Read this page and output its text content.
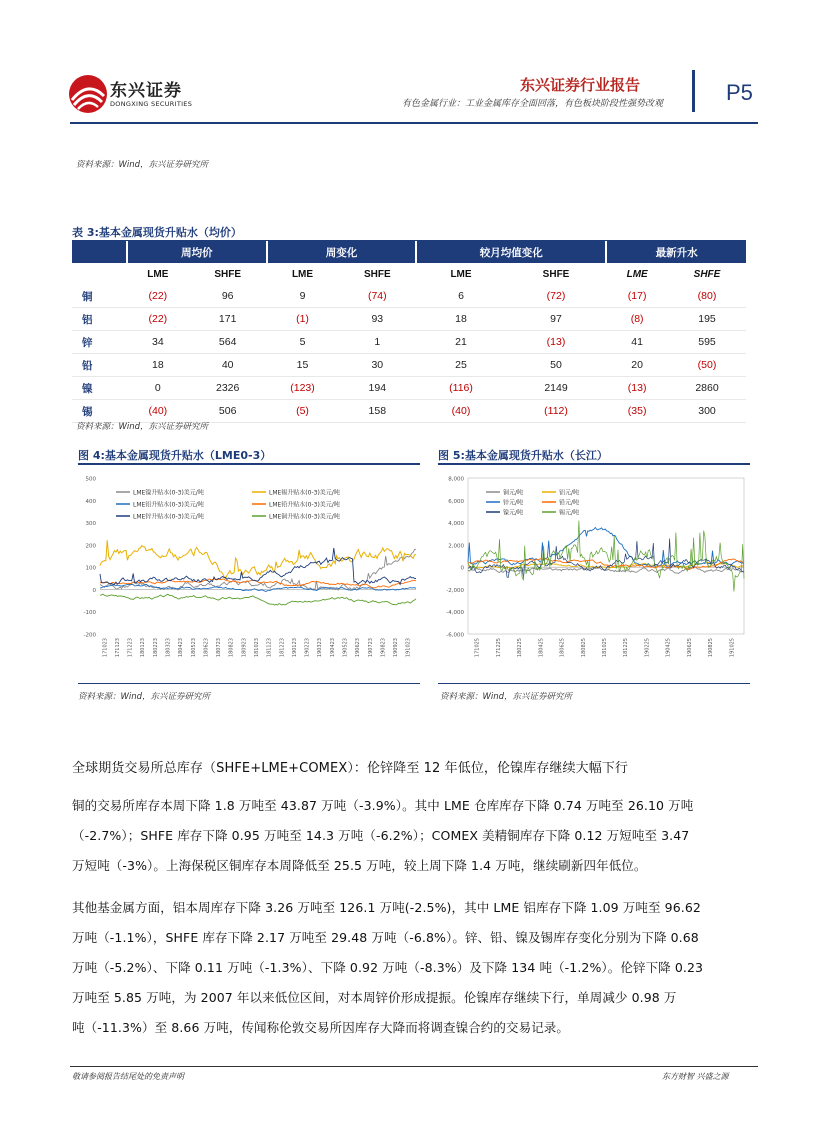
东兴证券
DONGXING SECURITIES
东兴证券行业报告
有色金属行业：工业金属库存全面回落，有色板块阶段性强势改观	P5
资料来源：Wind，东兴证券研究所
表 3:基本金属现货升贴水（均价）
	周均价		周变化		较月均值变化		最新升水	
	LME	SHFE	LME	SHFE	LME	SHFE	LME	SHFE
铜	(22)	96	9	(74)	6	(72)	(17)	(80)
铝	(22)	171	(1)	93	18	97	(8)	195
锌	34	564	5	1	21	(13)	41	595
铅	18	40	15	30	25	50	20	(50)
镍	0	2326	(123)	194	(116)	2149	(13)	2860
锡	(40)	506	(5)	158	(40)	(112)	(35)	300
资料来源：Wind，东兴证券研究所
图 4:基本金属现货升贴水（LME0-3）
500
400
300
200
100
0
-100
-200
171023 171123 171223 180123 180223 180323 180423 180523 180623 180723 180823 180923 181023 181123 181223 190123 190223 190323 190423 190523 190623 190723 190823 190923 191023
LME镍升贴水(0-3)美元/吨	LME锡升贴水(0-3)美元/吨
LME铝升贴水(0-3)美元/吨	LME铅升贴水(0-3)美元/吨
LME锌升贴水(0-3)美元/吨	LME铜升贴水(0-3)美元/吨
资料来源：Wind，东兴证券研究所
图 5:基本金属现货升贴水（长江）
8,000
6,000
4,000
2,000
0
-2,000
-4,000
-6,000
171025	171225	180225	180425	180625	180825	181025	181225	190225	190425	190625	190825	191025
铜元/吨	铝元/吨
锌元/吨	铅元/吨
镍元/吨	锡元/吨
资料来源：Wind，东兴证券研究所
全球期货交易所总库存（SHFE+LME+COMEX）：伦锌降至 12 年低位，伦镍库存继续大幅下行
铜的交易所库存本周下降 1.8 万吨至 43.87 万吨（-3.9%）。其中 LME 仓库库存下降 0.74 万吨至 26.10 万吨
（-2.7%）；SHFE 库存下降 0.95 万吨至 14.3 万吨（-6.2%）；COMEX 美精铜库存下降 0.12 万短吨至 3.47
万短吨（-3%）。上海保税区铜库存本周降低至 25.5 万吨，较上周下降 1.4 万吨，继续刷新四年低位。
其他基金属方面，铝本周库存下降 3.26 万吨至 126.1 万吨(-2.5%)，其中 LME 铝库存下降 1.09 万吨至 96.62
万吨（-1.1%），SHFE 库存下降 2.17 万吨至 29.48 万吨（-6.8%）。锌、铅、镍及锡库存变化分别为下降 0.68
万吨（-5.2%）、下降 0.11 万吨（-1.3%）、下降 0.92 万吨（-8.3%）及下降 134 吨（-1.2%）。伦锌下降 0.23
万吨至 5.85 万吨，为 2007 年以来低位区间，对本周锌价形成提振。伦镍库存继续下行，单周减少 0.98 万
吨（-11.3%）至 8.66 万吨，传闻称伦敦交易所因库存大降而将调查镍合约的交易记录。
敬请参阅报告结尾处的免责声明	东方财智 兴盛之源
